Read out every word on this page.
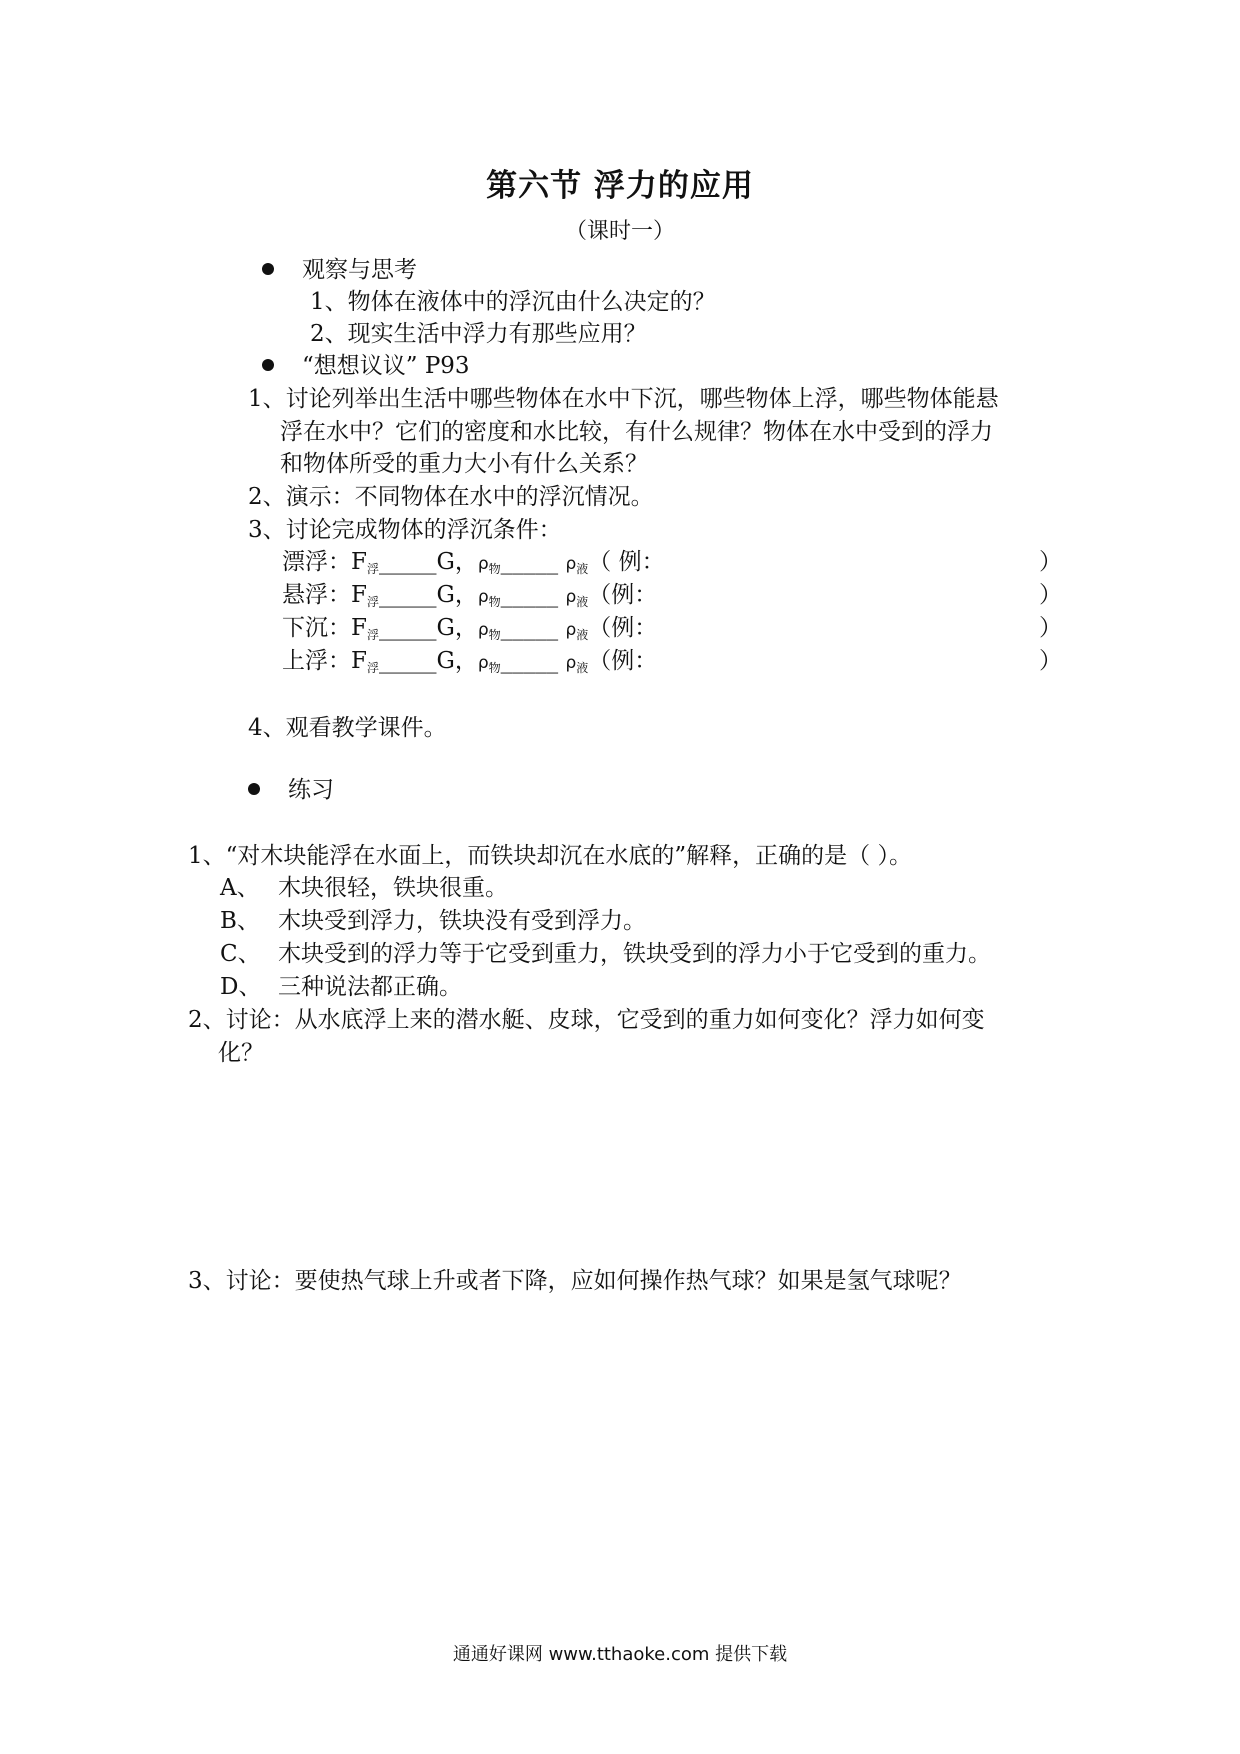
第六节 浮力的应用
（课时一）
观察与思考
1、物体在液体中的浮沉由什么决定的？
2、现实生活中浮力有那些应用？
“想想议议” P93
1、讨论列举出生活中哪些物体在水中下沉，哪些物体上浮，哪些物体能悬
浮在水中？它们的密度和水比较，有什么规律？物体在水中受到的浮力
和物体所受的重力大小有什么关系？
2、演示：不同物体在水中的浮沉情况。
3、讨论完成物体的浮沉条件：
漂浮：$F_浮\_\_\_\_\_G$，$\rho_物\_\_\_\_\_$ $\rho_液$（ 例：	）
悬浮：$F_浮\_\_\_\_\_G$，$\rho_物\_\_\_\_\_$ $\rho_液$（例：	）
下沉：$F_浮\_\_\_\_\_G$，$\rho_物\_\_\_\_\_$ $\rho_液$（例：	）
上浮：$F_浮\_\_\_\_\_G$，$\rho_物\_\_\_\_\_$ $\rho_液$（例：	）
4、观看教学课件。
练习
1、“对木块能浮在水面上，而铁块却沉在水底的”解释，正确的是（ ）。
A、 木块很轻，铁块很重。
B、 木块受到浮力，铁块没有受到浮力。
C、 木块受到的浮力等于它受到重力，铁块受到的浮力小于它受到的重力。
D、 三种说法都正确。
2、讨论：从水底浮上来的潜水艇、皮球，它受到的重力如何变化？浮力如何变
化？
3、讨论：要使热气球上升或者下降，应如何操作热气球？如果是氢气球呢？
通通好课网 www.tthaoke.com 提供下载
